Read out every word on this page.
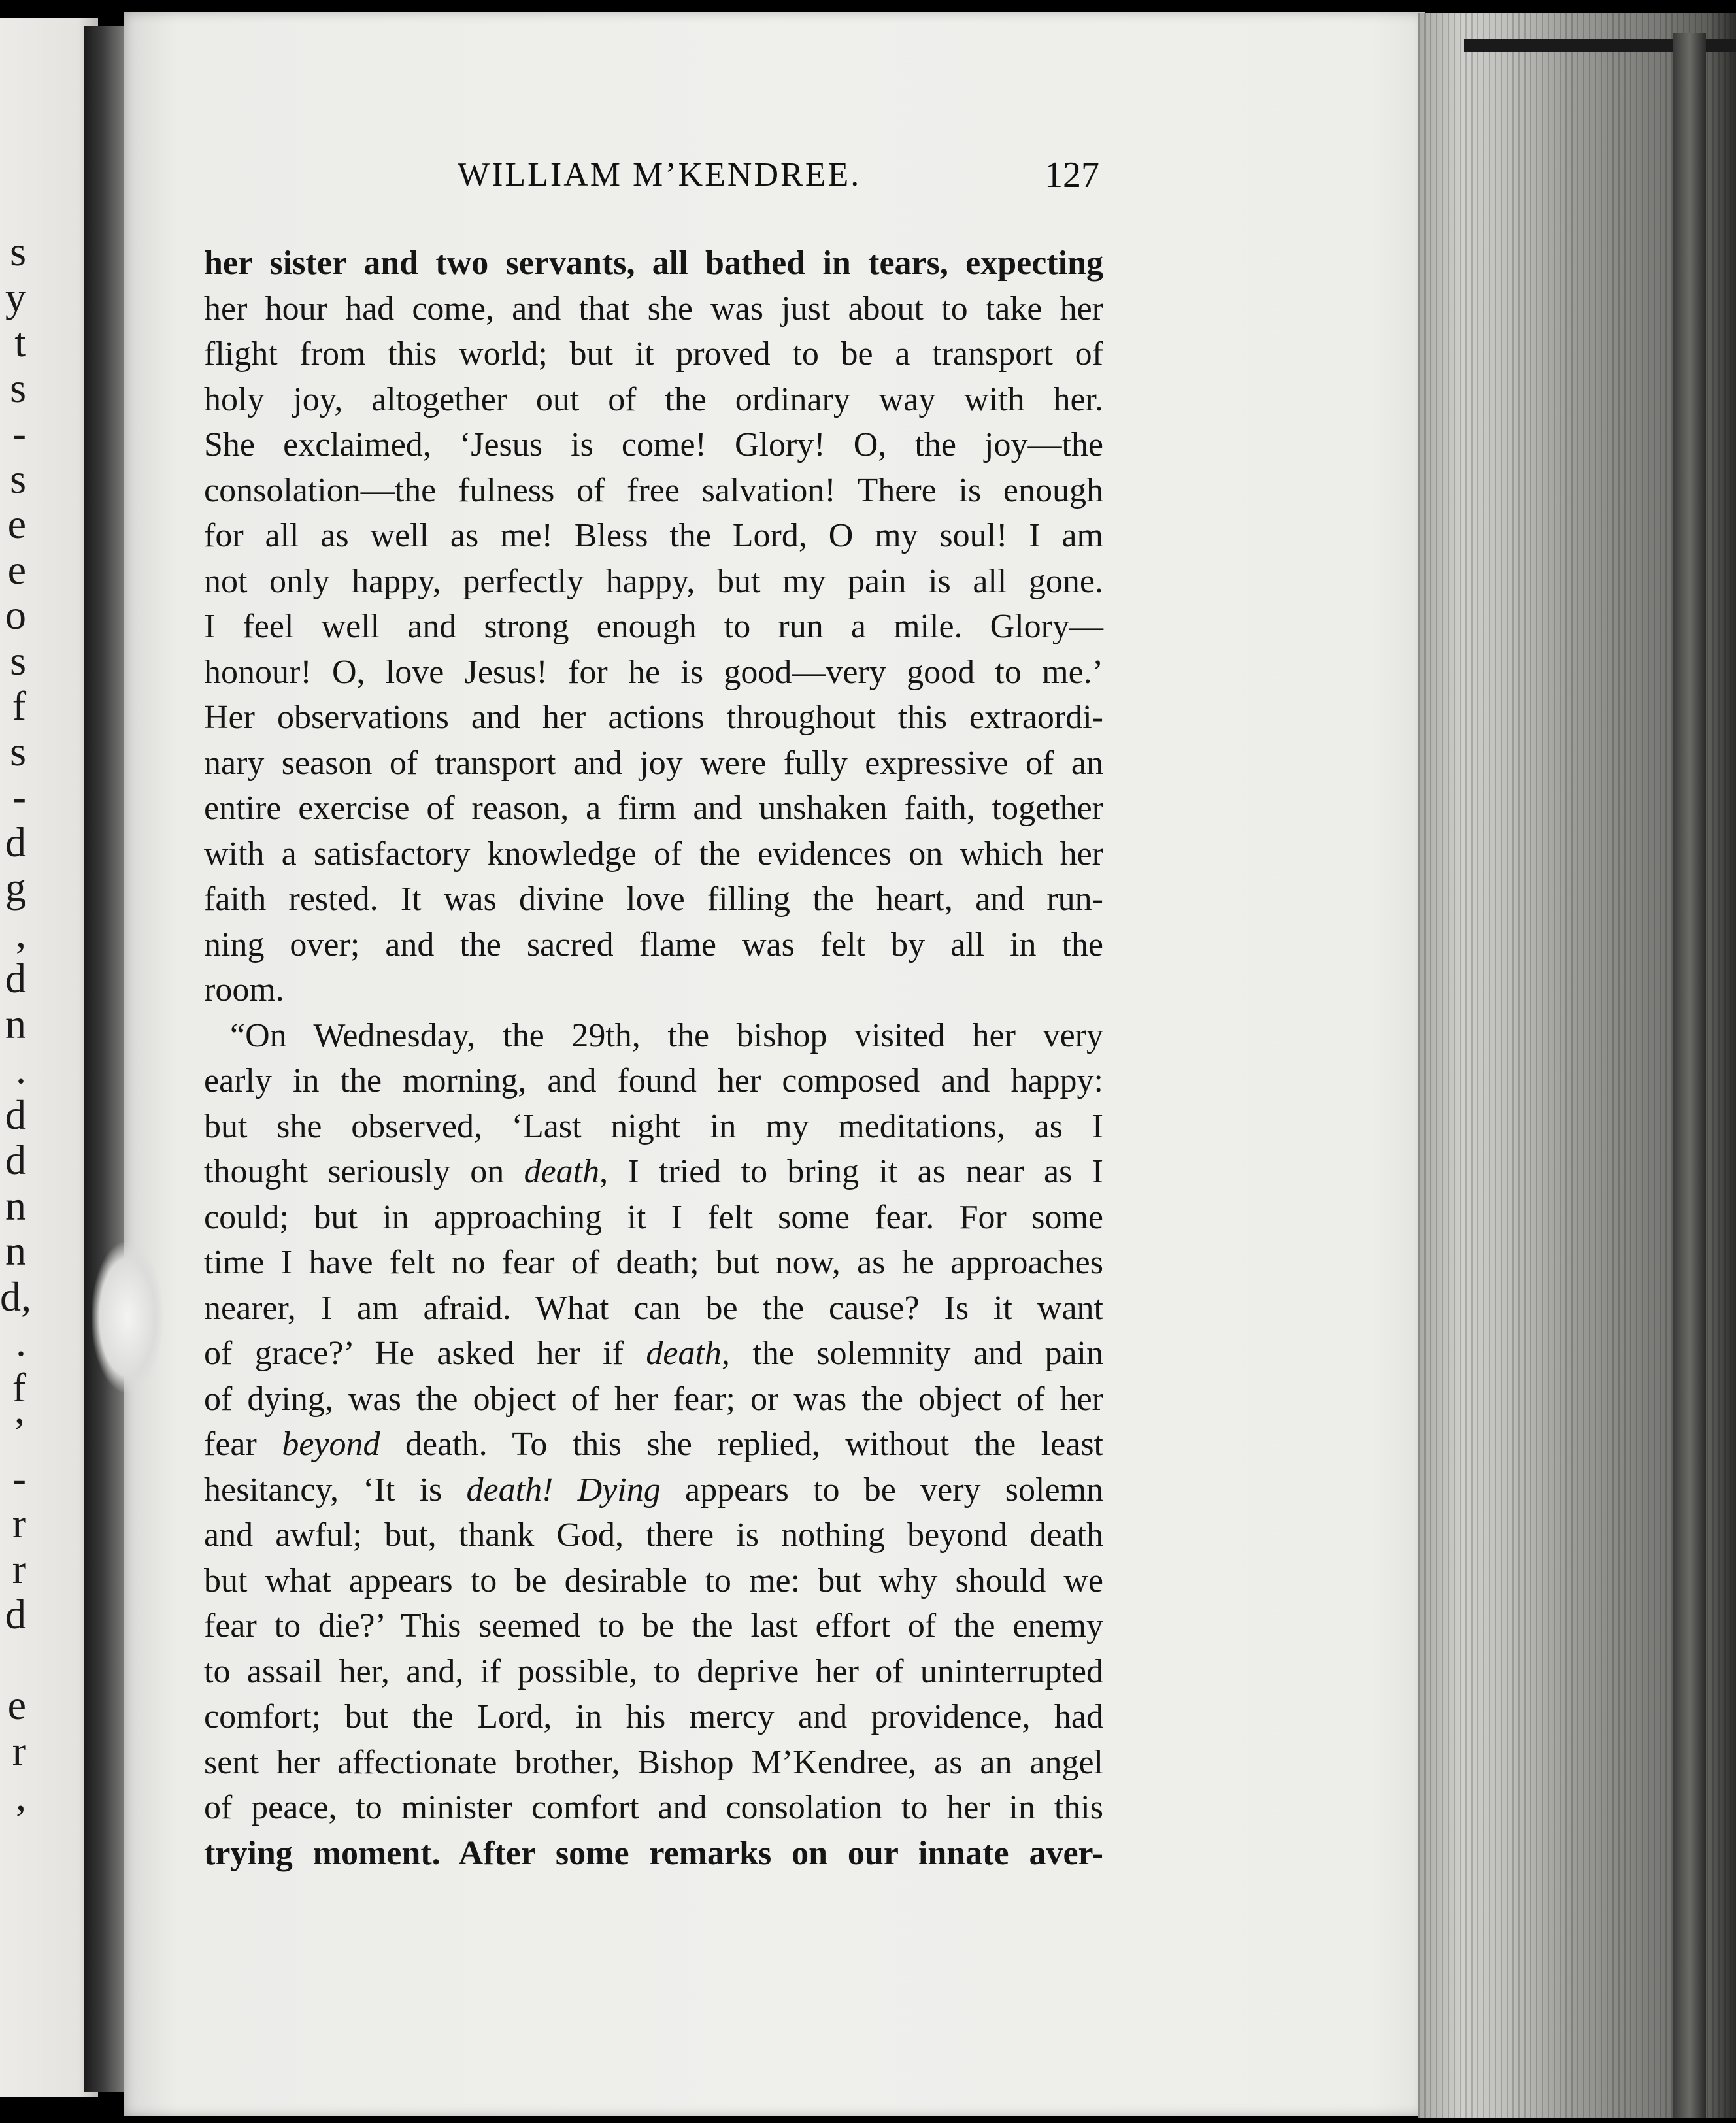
s
y
t
s
-
s
e
e
o
s
f
s
-
d
g
,
d
n
.
d
d
n
n
d,
.
f
’
-
r
r
d
e
r
,
WILLIAM M’KENDREE.	127
her sister and two servants, all bathed in tears, expecting
her hour had come, and that she was just about to take her
flight from this world; but it proved to be a transport of
holy joy, altogether out of the ordinary way with her.
She exclaimed, ‘Jesus is come! Glory! O, the joy—the
consolation—the fulness of free salvation! There is enough
for all as well as me! Bless the Lord, O my soul! I am
not only happy, perfectly happy, but my pain is all gone.
I feel well and strong enough to run a mile. Glory—
honour! O, love Jesus! for he is good—very good to me.’
Her observations and her actions throughout this extraordi-
nary season of transport and joy were fully expressive of an
entire exercise of reason, a firm and unshaken faith, together
with a satisfactory knowledge of the evidences on which her
faith rested. It was divine love filling the heart, and run-
ning over; and the sacred flame was felt by all in the
room.
“On Wednesday, the 29th, the bishop visited her very
early in the morning, and found her composed and happy:
but she observed, ‘Last night in my meditations, as I
thought seriously on death, I tried to bring it as near as I
could; but in approaching it I felt some fear. For some
time I have felt no fear of death; but now, as he approaches
nearer, I am afraid. What can be the cause? Is it want
of grace?’ He asked her if death, the solemnity and pain
of dying, was the object of her fear; or was the object of her
fear beyond death. To this she replied, without the least
hesitancy, ‘It is death! Dying appears to be very solemn
and awful; but, thank God, there is nothing beyond death
but what appears to be desirable to me: but why should we
fear to die?’ This seemed to be the last effort of the enemy
to assail her, and, if possible, to deprive her of uninterrupted
comfort; but the Lord, in his mercy and providence, had
sent her affectionate brother, Bishop M’Kendree, as an angel
of peace, to minister comfort and consolation to her in this
trying moment. After some remarks on our innate aver-
